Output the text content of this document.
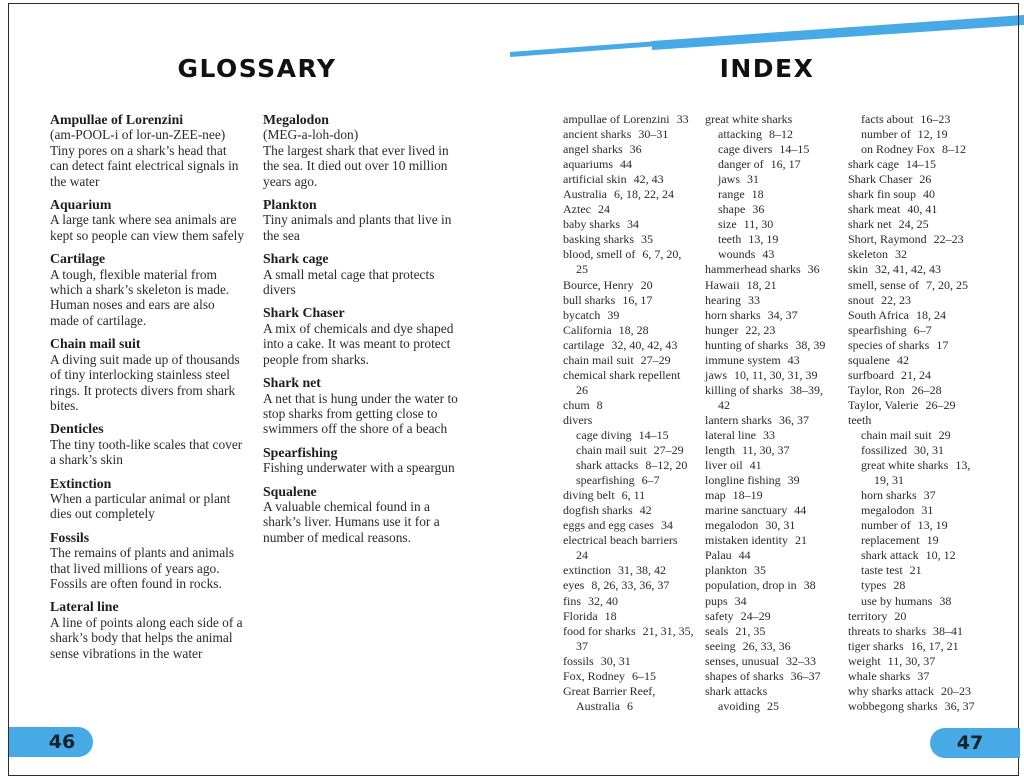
GLOSSARY	INDEX
Ampullae of Lorenzini
(am-POOL-i of lor-un-ZEE-nee)
Tiny pores on a shark’s head that can detect faint electrical signals in the water
Aquarium
A large tank where sea animals are kept so people can view them safely
Cartilage
A tough, flexible material from which a shark’s skeleton is made. Human noses and ears are also made of cartilage.
Chain mail suit
A diving suit made up of thousands of tiny interlocking stainless steel rings. It protects divers from shark bites.
Denticles
The tiny tooth-like scales that cover a shark’s skin
Extinction
When a particular animal or plant dies out completely
Fossils
The remains of plants and animals that lived millions of years ago. Fossils are often found in rocks.
Lateral line
A line of points along each side of a shark’s body that helps the animal sense vibrations in the water
Megalodon
(MEG-a-loh-don)
The largest shark that ever lived in the sea. It died out over 10 million years ago.
Plankton
Tiny animals and plants that live in the sea
Shark cage
A small metal cage that protects divers
Shark Chaser
A mix of chemicals and dye shaped into a cake. It was meant to protect people from sharks.
Shark net
A net that is hung under the water to stop sharks from getting close to swimmers off the shore of a beach
Spearfishing
Fishing underwater with a speargun
Squalene
A valuable chemical found in a shark’s liver. Humans use it for a number of medical reasons.
ampullae of Lorenzini 33
ancient sharks 30–31
angel sharks 36
aquariums 44
artificial skin 42, 43
Australia 6, 18, 22, 24
Aztec 24
baby sharks 34
basking sharks 35
blood, smell of 6, 7, 20,
25
Bource, Henry 20
bull sharks 16, 17
bycatch 39
California 18, 28
cartilage 32, 40, 42, 43
chain mail suit 27–29
chemical shark repellent
26
chum 8
divers
cage diving 14–15
chain mail suit 27–29
shark attacks 8–12, 20
spearfishing 6–7
diving belt 6, 11
dogfish sharks 42
eggs and egg cases 34
electrical beach barriers
24
extinction 31, 38, 42
eyes 8, 26, 33, 36, 37
fins 32, 40
Florida 18
food for sharks 21, 31, 35,
37
fossils 30, 31
Fox, Rodney 6–15
Great Barrier Reef,
Australia 6
great white sharks
attacking 8–12
cage divers 14–15
danger of 16, 17
jaws 31
range 18
shape 36
size 11, 30
teeth 13, 19
wounds 43
hammerhead sharks 36
Hawaii 18, 21
hearing 33
horn sharks 34, 37
hunger 22, 23
hunting of sharks 38, 39
immune system 43
jaws 10, 11, 30, 31, 39
killing of sharks 38–39,
42
lantern sharks 36, 37
lateral line 33
length 11, 30, 37
liver oil 41
longline fishing 39
map 18–19
marine sanctuary 44
megalodon 30, 31
mistaken identity 21
Palau 44
plankton 35
population, drop in 38
pups 34
safety 24–29
seals 21, 35
seeing 26, 33, 36
senses, unusual 32–33
shapes of sharks 36–37
shark attacks
avoiding 25
facts about 16–23
number of 12, 19
on Rodney Fox 8–12
shark cage 14–15
Shark Chaser 26
shark fin soup 40
shark meat 40, 41
shark net 24, 25
Short, Raymond 22–23
skeleton 32
skin 32, 41, 42, 43
smell, sense of 7, 20, 25
snout 22, 23
South Africa 18, 24
spearfishing 6–7
species of sharks 17
squalene 42
surfboard 21, 24
Taylor, Ron 26–28
Taylor, Valerie 26–29
teeth
chain mail suit 29
fossilized 30, 31
great white sharks 13,
19, 31
horn sharks 37
megalodon 31
number of 13, 19
replacement 19
shark attack 10, 12
taste test 21
types 28
use by humans 38
territory 20
threats to sharks 38–41
tiger sharks 16, 17, 21
weight 11, 30, 37
whale sharks 37
why sharks attack 20–23
wobbegong sharks 36, 37
46	47
